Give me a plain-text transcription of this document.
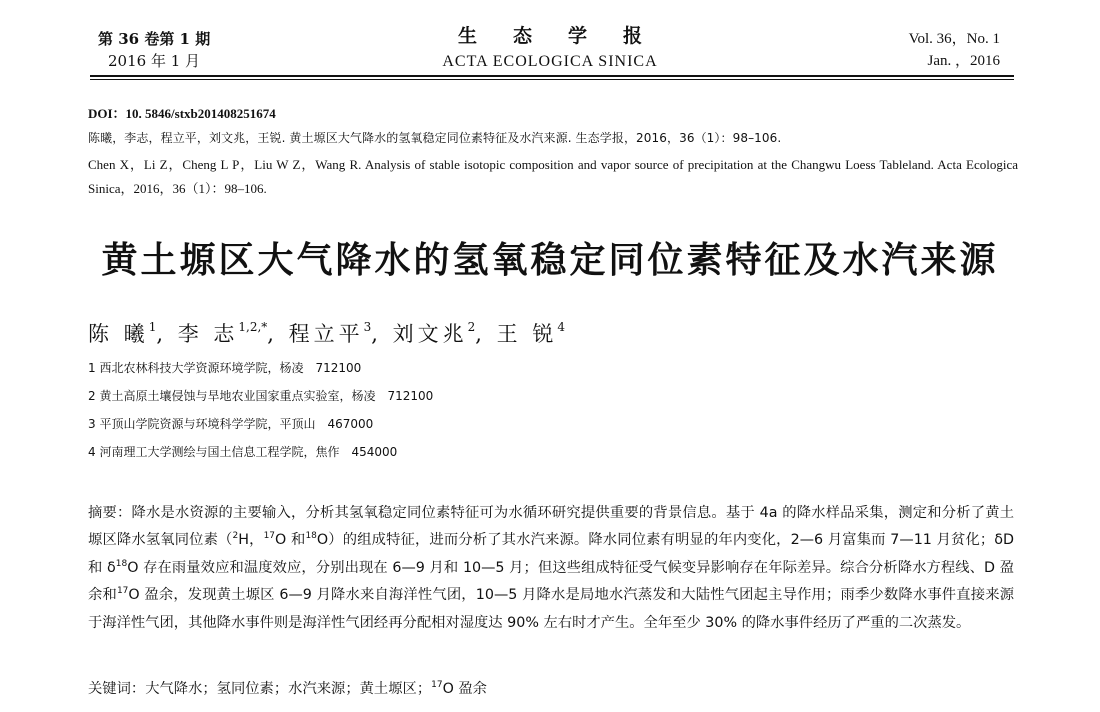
第 36 卷第 1 期
2016 年 1 月
生态学报
ACTA ECOLOGICA SINICA
Vol. 36，No. 1
Jan. ，2016
DOI：10. 5846/stxb201408251674
陈曦，李志，程立平，刘文兆，王锐. 黄土塬区大气降水的氢氧稳定同位素特征及水汽来源. 生态学报，2016，36（1）：98–106.
Chen X，Li Z，Cheng L P，Liu W Z，Wang R. Analysis of stable isotopic composition and vapor source of precipitation at the Changwu Loess Tableland. Acta Ecologica Sinica，2016，36（1）：98–106.
黄土塬区大气降水的氢氧稳定同位素特征及水汽来源
陈 曦$^1$, 李 志$^{1,2,*}$, 程立平$^3$, 刘文兆$^2$, 王 锐$^4$
1 西北农林科技大学资源环境学院，杨凌　712100
2 黄土高原土壤侵蚀与旱地农业国家重点实验室，杨凌　712100
3 平顶山学院资源与环境科学学院，平顶山　467000
4 河南理工大学测绘与国土信息工程学院，焦作　454000
摘要：降水是水资源的主要输入，分析其氢氧稳定同位素特征可为水循环研究提供重要的背景信息。基于 4a 的降水样品采集，测定和分析了黄土塬区降水氢氧同位素（$^2$H，$^{17}$O 和$^{18}$O）的组成特征，进而分析了其水汽来源。降水同位素有明显的年内变化，2—6 月富集而 7—11 月贫化；δD 和 $\delta^{18}O$ 存在雨量效应和温度效应，分别出现在 6—9 月和 10—5 月；但这些组成特征受气候变异影响存在年际差异。综合分析降水方程线、D 盈余和$^{17}$O 盈余，发现黄土塬区 6—9 月降水来自海洋性气团，10—5 月降水是局地水汽蒸发和大陆性气团起主导作用；雨季少数降水事件直接来源于海洋性气团，其他降水事件则是海洋性气团经再分配相对湿度达 90% 左右时才产生。全年至少 30% 的降水事件经历了严重的二次蒸发。
关键词：大气降水；氢同位素；水汽来源；黄土塬区；$^{17}$O 盈余
